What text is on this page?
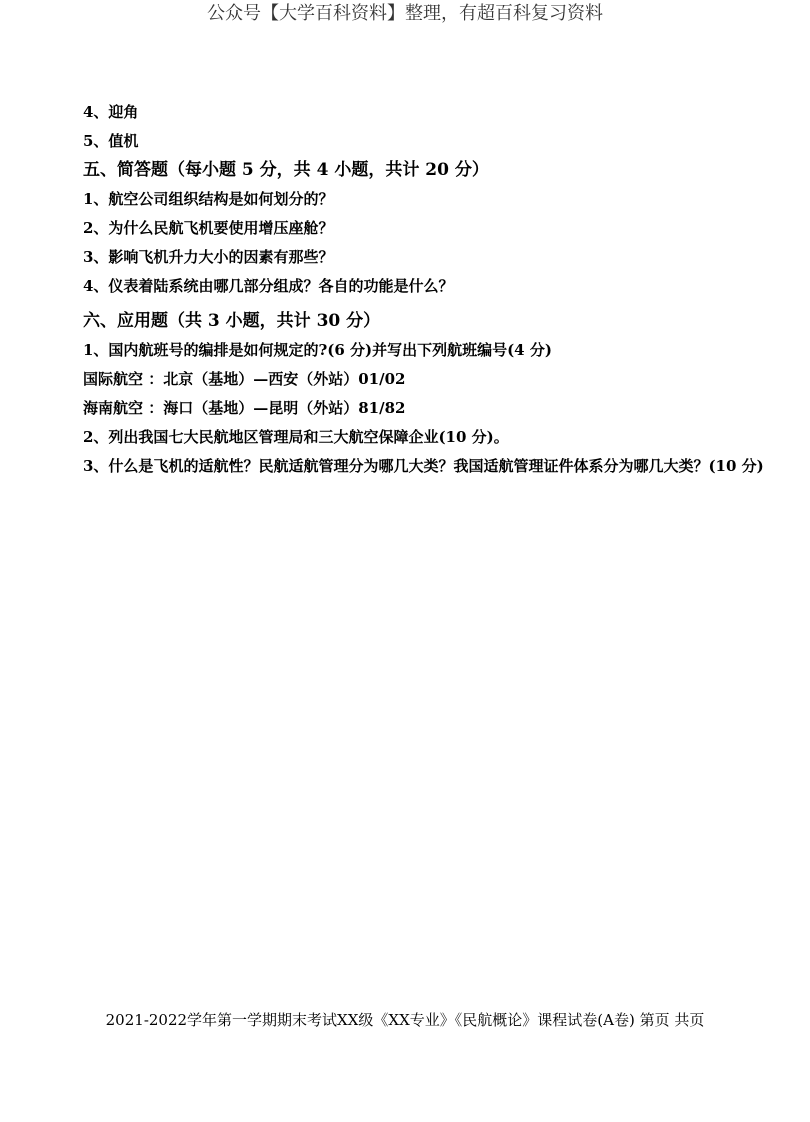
公众号【大学百科资料】整理，有超百科复习资料
4、迎角
5、值机
五、简答题（每小题 5 分，共 4 小题，共计 20 分）
1、航空公司组织结构是如何划分的？
2、为什么民航飞机要使用增压座舱？
3、影响飞机升力大小的因素有那些？
4、仪表着陆系统由哪几部分组成？各自的功能是什么？
六、应用题（共 3 小题，共计 30 分）
1、国内航班号的编排是如何规定的?(6 分)并写出下列航班编号(4 分)
国际航空 ：北京（基地）—西安（外站）01/02
海南航空 ：海口（基地）—昆明（外站）81/82
2、列出我国七大民航地区管理局和三大航空保障企业(10 分)。
3、什么是飞机的适航性？民航适航管理分为哪几大类？我国适航管理证件体系分为哪几大类？(10 分)
2021-2022学年第一学期期末考试XX级《XX专业》《民航概论》课程试卷(A卷) 第页 共页
